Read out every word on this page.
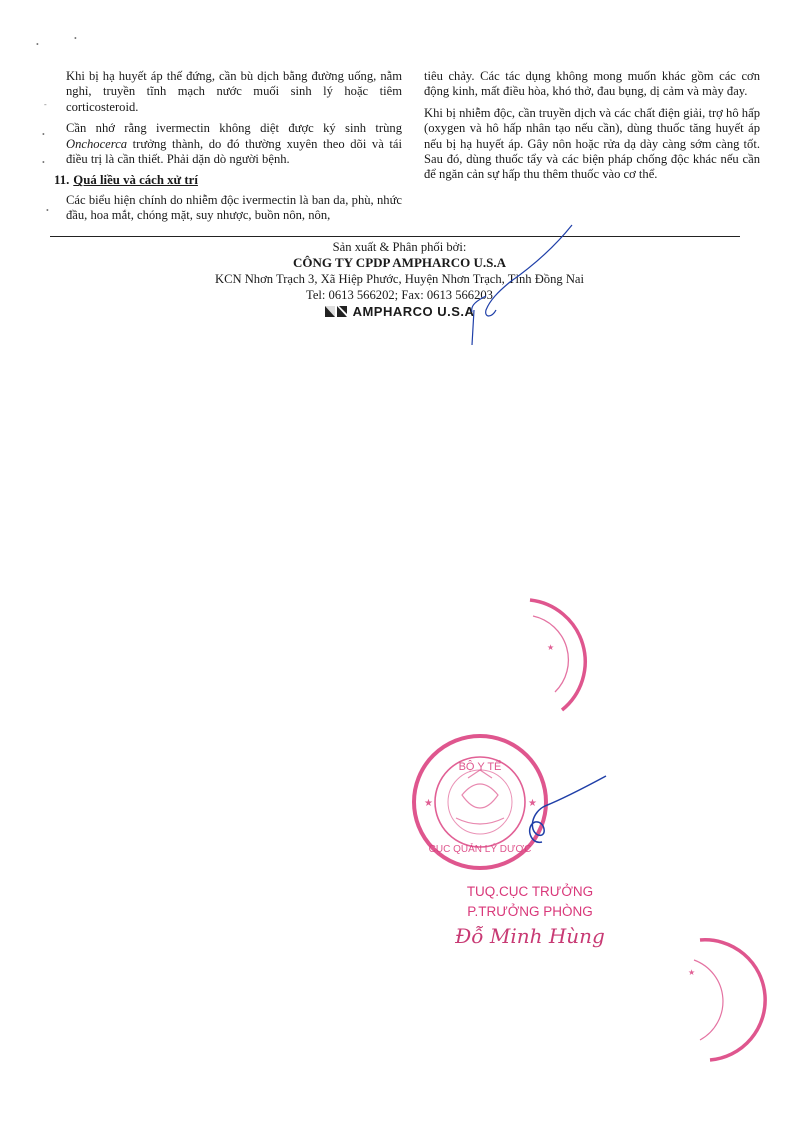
Khi bị hạ huyết áp thế đứng, cần bù dịch bằng đường uống, nằm nghỉ, truyền tĩnh mạch nước muối sinh lý hoặc tiêm corticosteroid.

Cần nhớ rằng ivermectin không diệt được ký sinh trùng Onchocerca trưởng thành, do đó thường xuyên theo dõi và tái điều trị là cần thiết. Phải dặn dò người bệnh.

11. Quá liều và cách xử trí

Các biểu hiện chính do nhiễm độc ivermectin là ban da, phù, nhức đầu, hoa mắt, chóng mặt, suy nhược, buồn nôn, nôn,

tiêu chảy. Các tác dụng không mong muốn khác gồm các cơn động kinh, mất điều hòa, khó thở, đau bụng, dị cảm và mày đay.

Khi bị nhiễm độc, cần truyền dịch và các chất điện giải, trợ hô hấp (oxygen và hô hấp nhân tạo nếu cần), dùng thuốc tăng huyết áp nếu bị hạ huyết áp. Gây nôn hoặc rửa dạ dày càng sớm càng tốt. Sau đó, dùng thuốc tẩy và các biện pháp chống độc khác nếu cần để ngăn cản sự hấp thu thêm thuốc vào cơ thể.

Sản xuất & Phân phối bởi:
CÔNG TY CPDP AMPHARCO U.S.A
KCN Nhơn Trạch 3, Xã Hiệp Phước, Huyện Nhơn Trạch, Tỉnh Đồng Nai
Tel: 0613 566202; Fax: 0613 566203
AMPHARCO U.S.A
TUQ.CỤC TRƯỞNG
P.TRƯỞNG PHÒNG
Đỗ Minh Hùng
BỘ Y TẾ
CỤC QUẢN LÝ DƯỢC
★	★
★
★
•
•
-
•
•
•
